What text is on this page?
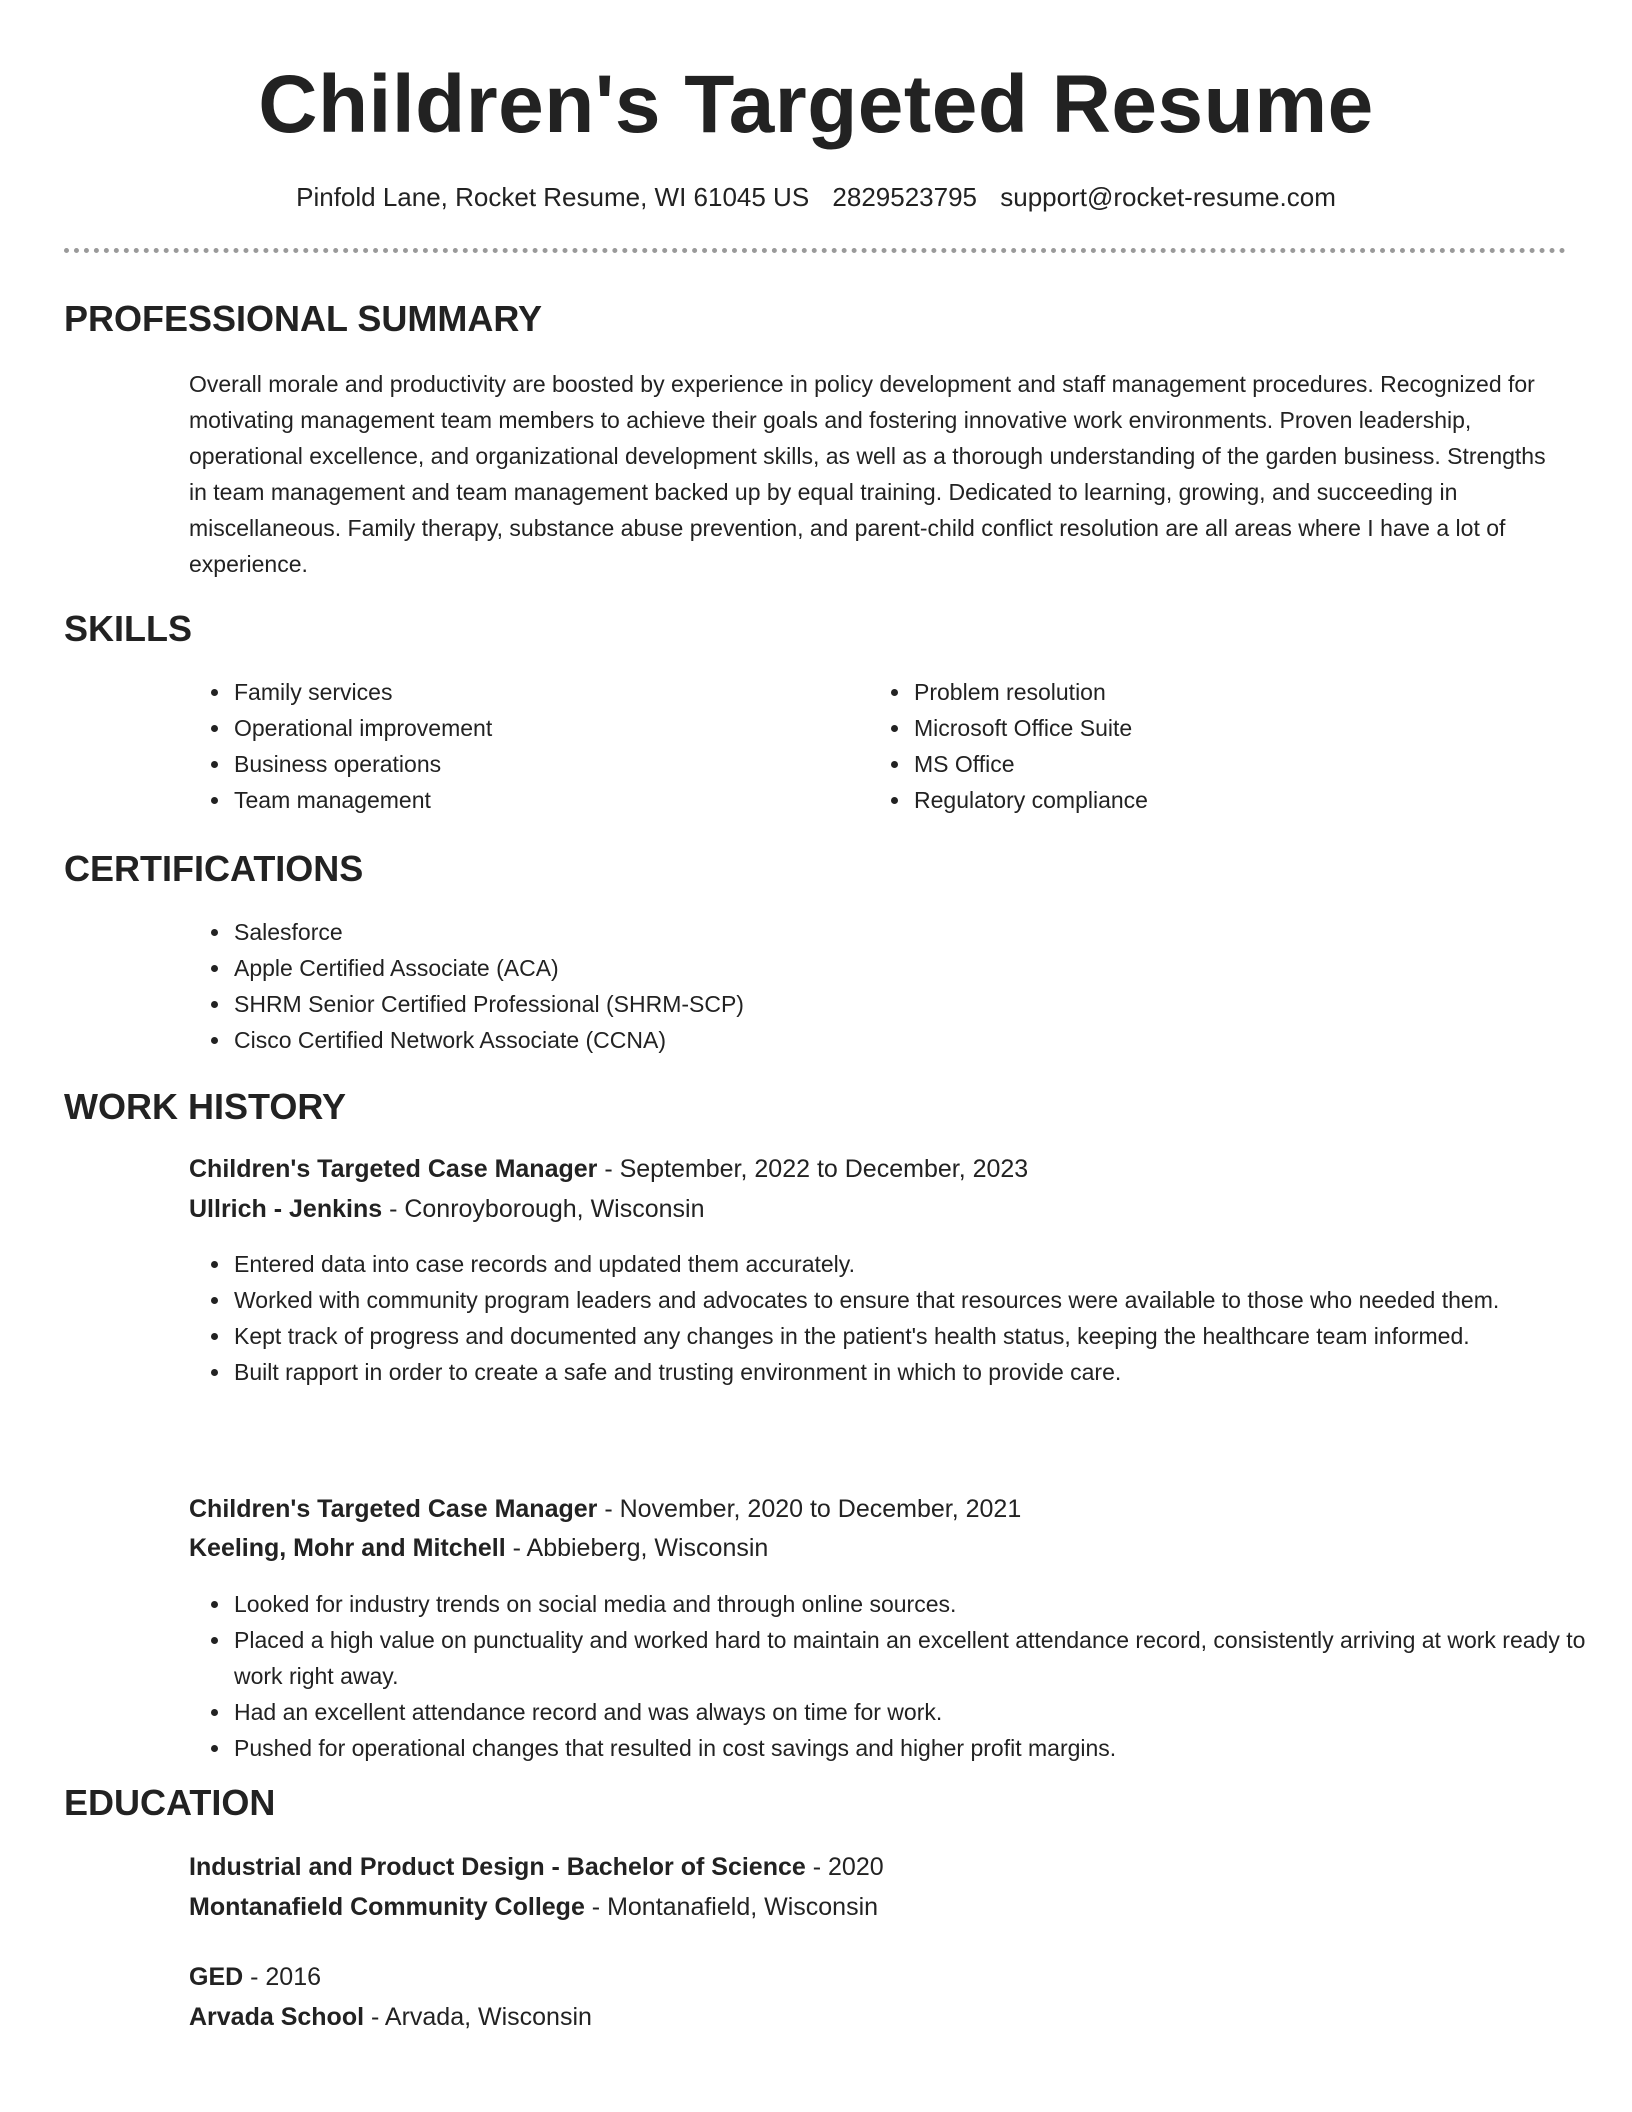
Children's Targeted Resume
Pinfold Lane, Rocket Resume, WI 61045 US 2829523795 support@rocket-resume.com
PROFESSIONAL SUMMARY

Overall morale and productivity are boosted by experience in policy development and staff management procedures. Recognized for motivating management team members to achieve their goals and fostering innovative work environments. Proven leadership, operational excellence, and organizational development skills, as well as a thorough understanding of the garden business. Strengths in team management and team management backed up by equal training. Dedicated to learning, growing, and succeeding in miscellaneous. Family therapy, substance abuse prevention, and parent-child conflict resolution are all areas where I have a lot of experience.

SKILLS
• Family services
• Operational improvement
• Business operations
• Team management
• Problem resolution
• Microsoft Office Suite
• MS Office
• Regulatory compliance
CERTIFICATIONS
• Salesforce
• Apple Certified Associate (ACA)
• SHRM Senior Certified Professional (SHRM-SCP)
• Cisco Certified Network Associate (CCNA)
WORK HISTORY
Children's Targeted Case Manager - September, 2022 to December, 2023
Ullrich - Jenkins - Conroyborough, Wisconsin
• Entered data into case records and updated them accurately.
• Worked with community program leaders and advocates to ensure that resources were available to those who needed them.
• Kept track of progress and documented any changes in the patient's health status, keeping the healthcare team informed.
• Built rapport in order to create a safe and trusting environment in which to provide care.
Children's Targeted Case Manager - November, 2020 to December, 2021
Keeling, Mohr and Mitchell - Abbieberg, Wisconsin
• Looked for industry trends on social media and through online sources.
• Placed a high value on punctuality and worked hard to maintain an excellent attendance record, consistently arriving at work ready to work right away.
• Had an excellent attendance record and was always on time for work.
• Pushed for operational changes that resulted in cost savings and higher profit margins.
EDUCATION
Industrial and Product Design - Bachelor of Science - 2020
Montanafield Community College - Montanafield, Wisconsin
GED - 2016
Arvada School - Arvada, Wisconsin
